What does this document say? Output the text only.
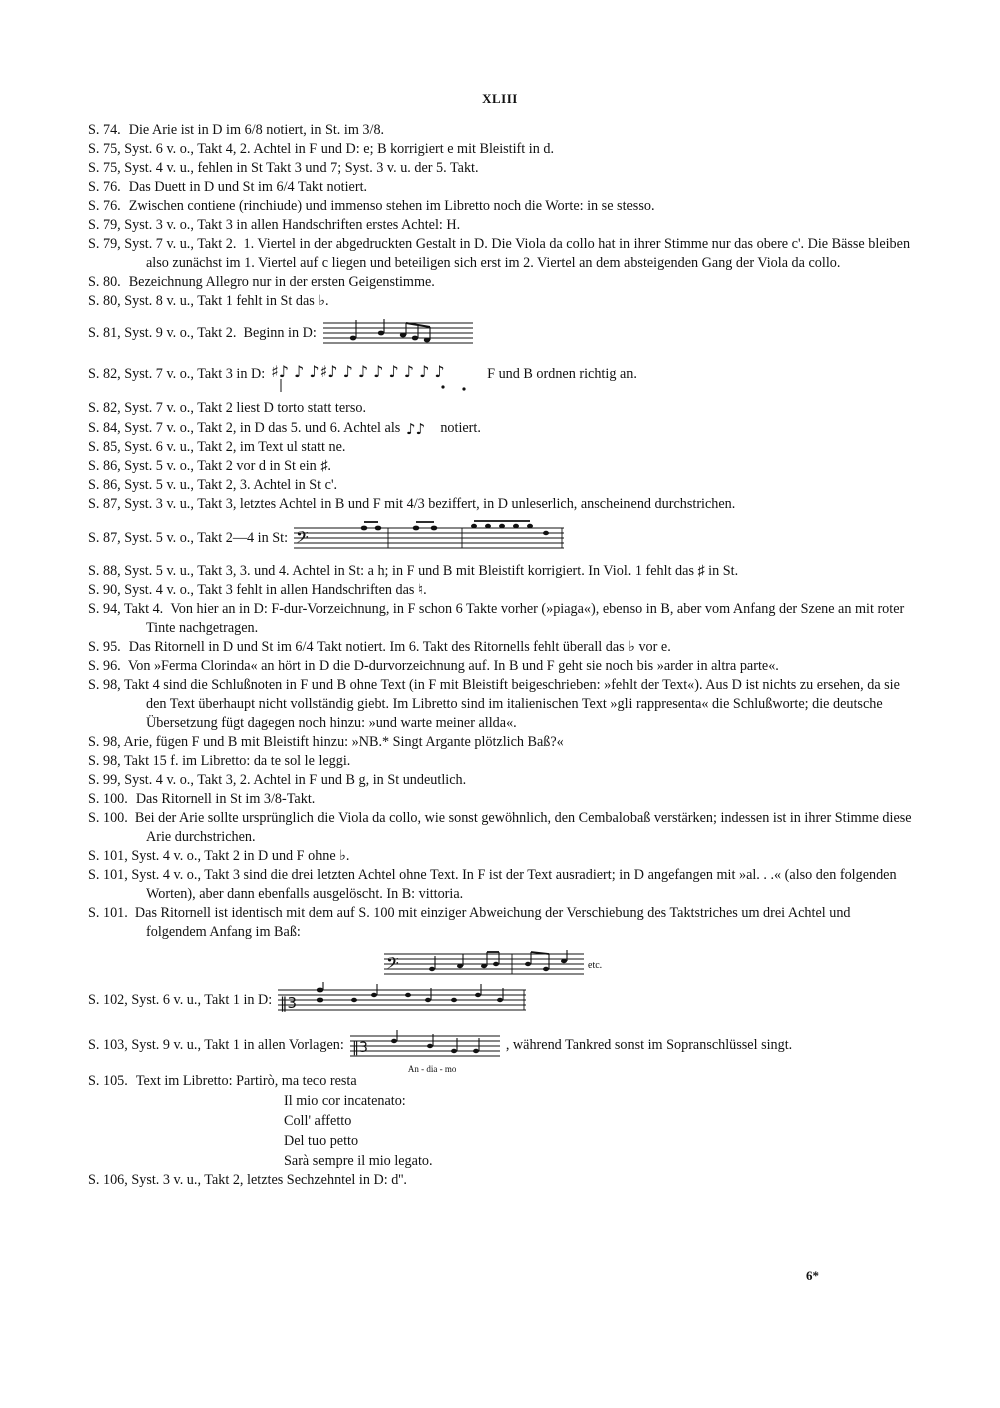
XLIII
S. 74. Die Arie ist in D im 6/8 notiert, in St. im 3/8.
S. 75, Syst. 6 v. o., Takt 4, 2. Achtel in F und D: e; B korrigiert e mit Bleistift in d.
S. 75, Syst. 4 v. u., fehlen in St Takt 3 und 7; Syst. 3 v. u. der 5. Takt.
S. 76. Das Duett in D und St im 6/4 Takt notiert.
S. 76. Zwischen contiene (rinchiude) und immenso stehen im Libretto noch die Worte: in se stesso.
S. 79, Syst. 3 v. o., Takt 3 in allen Handschriften erstes Achtel: H.
S. 79, Syst. 7 v. u., Takt 2. 1. Viertel in der abgedruckten Gestalt in D. Die Viola da collo hat in ihrer Stimme nur das obere c'. Die Bässe bleiben also zunächst im 1. Viertel auf c liegen und beteiligen sich erst im 2. Viertel an dem absteigenden Gang der Viola da collo.
S. 80. Bezeichnung Allegro nur in der ersten Geigenstimme.
S. 80, Syst. 8 v. u., Takt 1 fehlt in St das ♭.
S. 81, Syst. 9 v. o., Takt 2.
Beginn in D:
S. 82, Syst. 7 v. o., Takt 3 in D: ♯♪ ♪ ♪♯♪ ♪ ♪ ♪ ♪ ♪ ♪ ♪	F und B ordnen richtig an.
S. 82, Syst. 7 v. o., Takt 2 liest D torto statt terso.
S. 84, Syst. 7 v. o., Takt 2, in D das 5. und 6. Achtel als ♪♪ notiert.
S. 85, Syst. 6 v. u., Takt 2, im Text ul statt ne.
S. 86, Syst. 5 v. o., Takt 2 vor d in St ein ♯.
S. 86, Syst. 5 v. u., Takt 2, 3. Achtel in St c'.
S. 87, Syst. 3 v. u., Takt 3, letztes Achtel in B und F mit 4/3 beziffert, in D unleserlich, anscheinend durchstrichen.
S. 87, Syst. 5 v. o., Takt 2—4 in St: 𝄢
S. 88, Syst. 5 v. u., Takt 3, 3. und 4. Achtel in St: a h; in F und B mit Bleistift korrigiert. In Viol. 1 fehlt das ♯ in St.
S. 90, Syst. 4 v. o., Takt 3 fehlt in allen Handschriften das ♮.
S. 94, Takt 4. Von hier an in D: F-dur-Vorzeichnung, in F schon 6 Takte vorher (»piaga«), ebenso in B, aber vom Anfang der Szene an mit roter Tinte nachgetragen.
S. 95. Das Ritornell in D und St im 6/4 Takt notiert. Im 6. Takt des Ritornells fehlt überall das ♭ vor e.
S. 96. Von »Ferma Clorinda« an hört in D die D-durvorzeichnung auf. In B und F geht sie noch bis »arder in altra parte«.
S. 98, Takt 4 sind die Schlußnoten in F und B ohne Text (in F mit Bleistift beigeschrieben: »fehlt der Text«). Aus D ist nichts zu ersehen, da sie den Text überhaupt nicht vollständig giebt. Im Libretto sind im italienischen Text »gli rappresenta« die Schlußworte; die deutsche Übersetzung fügt dagegen noch hinzu: »und warte meiner allda«.
S. 98, Arie, fügen F und B mit Bleistift hinzu: »NB.* Singt Argante plötzlich Baß?«
S. 98, Takt 15 f. im Libretto: da te sol le leggi.
S. 99, Syst. 4 v. o., Takt 3, 2. Achtel in F und B g, in St undeutlich.
S. 100. Das Ritornell in St im 3/8-Takt.
S. 100. Bei der Arie sollte ursprünglich die Viola da collo, wie sonst gewöhnlich, den Cembalobaß verstärken; indessen ist in ihrer Stimme diese Arie durchstrichen.
S. 101, Syst. 4 v. o., Takt 2 in D und F ohne ♭.
S. 101, Syst. 4 v. o., Takt 3 sind die drei letzten Achtel ohne Text. In F ist der Text ausradiert; in D angefangen mit »al. . .« (also den folgenden Worten), aber dann ebenfalls ausgelöscht. In B: vittoria.
S. 101. Das Ritornell ist identisch mit dem auf S. 100 mit einziger Abweichung der Verschiebung des Taktstriches um drei Achtel und folgendem Anfang im Baß:
𝄢	etc.
S. 102, Syst. 6 v. u., Takt 1 in D: ‖3
S. 103, Syst. 9 v. u., Takt 1 in allen Vorlagen: ‖3
An - dia - mo
, während Tankred sonst im Sopranschlüssel singt.
S. 105. Text im Libretto: Partirò, ma teco resta
Il mio cor incatenato:
Coll' affetto
Del tuo petto
Sarà sempre il mio legato.
S. 106, Syst. 3 v. u., Takt 2, letztes Sechzehntel in D: d''.
6*
